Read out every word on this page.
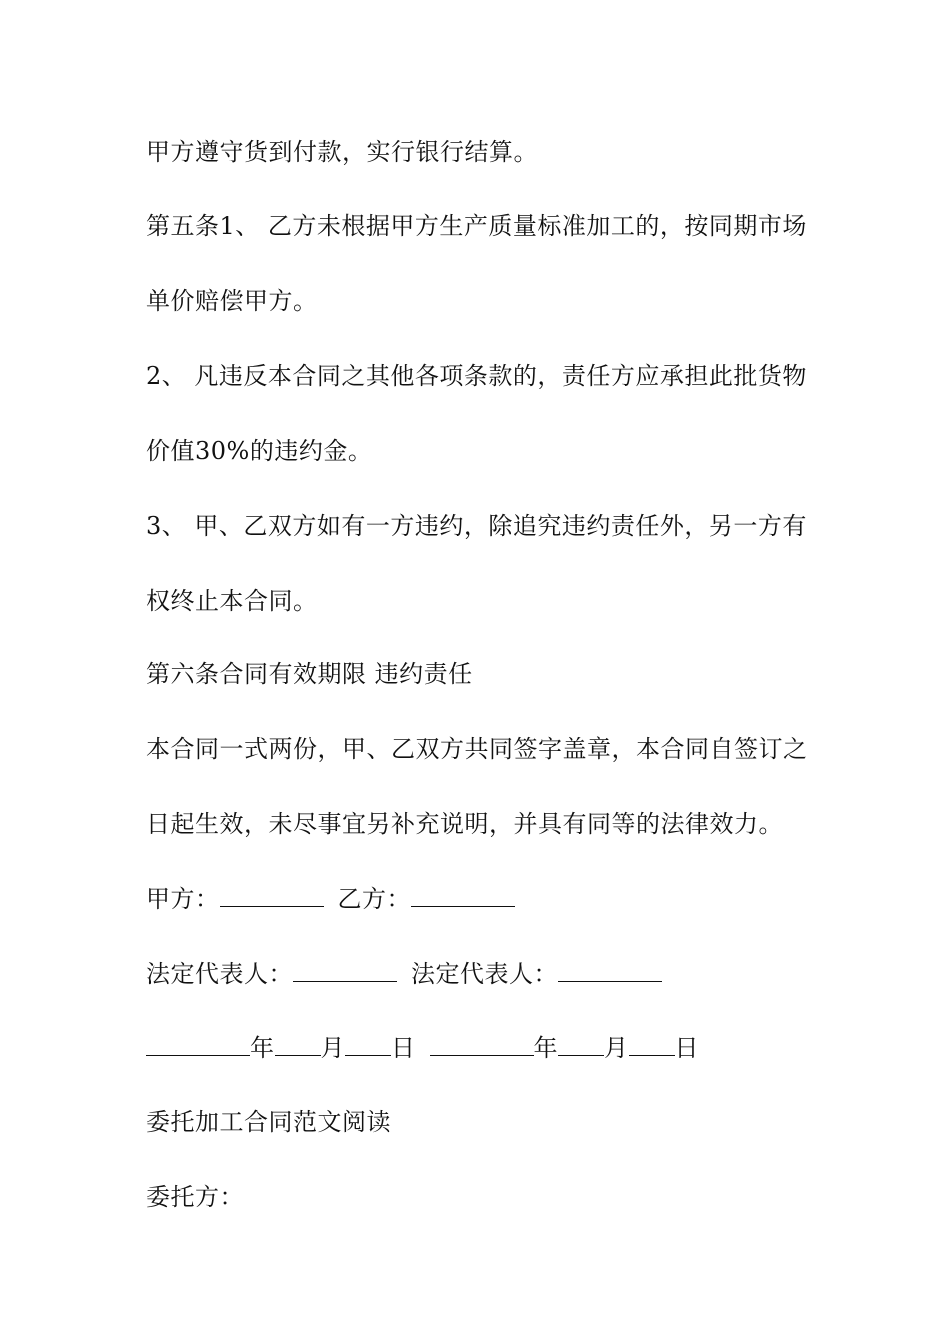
甲方遵守货到付款，实行银行结算。
第五条1、 乙方未根据甲方生产质量标准加工的，按同期市场
单价赔偿甲方。
2、 凡违反本合同之其他各项条款的，责任方应承担此批货物
价值30%的违约金。
3、 甲、乙双方如有一方违约，除追究违约责任外，另一方有
权终止本合同。
第六条合同有效期限 违约责任
本合同一式两份，甲、乙双方共同签字盖章，本合同自签订之
日起生效，未尽事宜另补充说明，并具有同等的法律效力。
甲方：	乙方：
法定代表人：	法定代表人：
年 月 日	年 月 日
委托加工合同范文阅读
委托方：
